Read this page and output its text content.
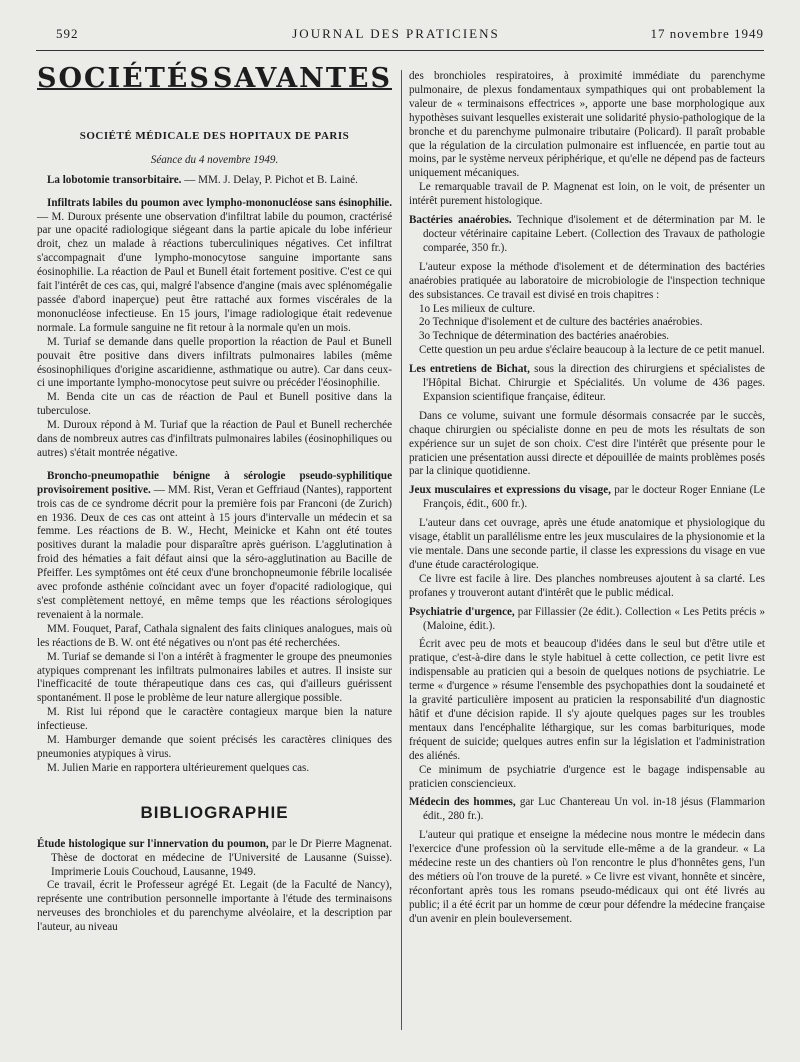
592	JOURNAL DES PRATICIENS	17 novembre 1949
SOCIÉTÉS SAVANTES
SOCIÉTÉ MÉDICALE DES HOPITAUX DE PARIS
Séance du 4 novembre 1949.

La lobotomie transorbitaire. — MM. J. Delay, P. Pichot et B. Lainé.

Infiltrats labiles du poumon avec lympho-mononucléose sans ésinophilie. — M. Duroux présente une observation d'infiltrat labile du poumon, cractérisé par une opacité radiologique siégeant dans la partie apicale du lobe inférieur droit, chez un malade à réactions tuberculiniques négatives. Cet infiltrat s'accompagnait d'une lympho-monocytose sanguine importante sans éosinophilie. La réaction de Paul et Bunell était fortement positive. C'est ce qui fait l'intérêt de ces cas, qui, malgré l'absence d'angine (mais avec splénomégalie passée d'abord inaperçue) peut être rattaché aux formes viscérales de la mononucléose infectieuse. En 15 jours, l'image radiologique était redevenue normale. La formule sanguine ne fit retour à la normale qu'en un mois.

M. Turiaf se demande dans quelle proportion la réaction de Paul et Bunell pouvait être positive dans divers infiltrats pulmonaires labiles (même ésosinophiliques d'origine ascaridienne, asthmatique ou autre). Car dans ceux-ci une importante lympho-monocytose peut suivre ou précéder l'éosinophilie.

M. Benda cite un cas de réaction de Paul et Bunell positive dans la tuberculose.

M. Duroux répond à M. Turiaf que la réaction de Paul et Bunell recherchée dans de nombreux autres cas d'infiltrats pulmonaires labiles (éosinophiliques ou autres) s'était montrée négative.

Broncho-pneumopathie bénigne à sérologie pseudo-syphilitique provisoirement positive. — MM. Rist, Veran et Geffriaud (Nantes), rapportent trois cas de ce syndrome décrit pour la première fois par Franconi (de Zurich) en 1936. Deux de ces cas ont atteint à 15 jours d'intervalle un médecin et sa femme. Les réactions de B. W., Hecht, Meinicke et Kahn ont été toutes positives durant la maladie pour disparaître après guérison. L'agglutination à froid des hématies a fait défaut ainsi que la séro-agglutination au Bacille de Pfeiffer. Les symptômes ont été ceux d'une bronchopneumonie fébrile localisée avec profonde asthénie coïncidant avec un foyer d'opacité radiologique, qui s'est complètement nettoyé, en même temps que les réactions sérologiques revenaient à la normale.

MM. Fouquet, Paraf, Cathala signalent des faits cliniques analogues, mais où les réactions de B. W. ont été négatives ou n'ont pas été recherchées.

M. Turiaf se demande si l'on a intérêt à fragmenter le groupe des pneumonies atypiques comprenant les infiltrats pulmonaires labiles et autres. Il insiste sur l'inefficacité de toute thérapeutique dans ces cas, qui d'ailleurs guérissent spontanément. Il pose le problème de leur nature allergique possible.

M. Rist lui répond que le caractère contagieux marque bien la nature infectieuse.

M. Hamburger demande que soient précisés les caractères cliniques des pneumonies atypiques à virus.

M. Julien Marie en rapportera ultérieurement quelques cas.

BIBLIOGRAPHIE

Étude histologique sur l'innervation du poumon, par le Dr Pierre Magnenat. Thèse de doctorat en médecine de l'Université de Lausanne (Suisse). Imprimerie Louis Couchoud, Lausanne, 1949.

Ce travail, écrit le Professeur agrégé Et. Legait (de la Faculté de Nancy), représente une contribution personnelle importante à l'étude des terminaisons nerveuses des bronchioles et du parenchyme alvéolaire, et la description par l'auteur, au niveau

des bronchioles respiratoires, à proximité immédiate du parenchyme pulmonaire, de plexus fondamentaux sympathiques qui ont probablement la valeur de « terminaisons effectrices », apporte une base morphologique aux hypothèses suivant lesquelles existerait une solidarité physio-pathologique de la bronche et du parenchyme pulmonaire tributaire (Policard). Il paraît probable que la régulation de la circulation pulmonaire est influencée, en partie tout au moins, par le système nerveux périphérique, et qu'elle ne dépend pas de facteurs uniquement mécaniques.

Le remarquable travail de P. Magnenat est loin, on le voit, de présenter un intérêt purement histologique.

Bactéries anaérobies. Technique d'isolement et de détermination par M. le docteur vétérinaire capitaine Lebert. (Collection des Travaux de pathologie comparée, 350 fr.).

L'auteur expose la méthode d'isolement et de détermination des bactéries anaérobies pratiquée au laboratoire de microbiologie de l'inspection technique des subsistances. Ce travail est divisé en trois chapitres :

1o Les milieux de culture.

2o Technique d'isolement et de culture des bactéries anaérobies.

3o Technique de détermination des bactéries anaérobies.

Cette question un peu ardue s'éclaire beaucoup à la lecture de ce petit manuel.

Les entretiens de Bichat, sous la direction des chirurgiens et spécialistes de l'Hôpital Bichat. Chirurgie et Spécialités. Un volume de 436 pages. Expansion scientifique française, éditeur.

Dans ce volume, suivant une formule désormais consacrée par le succès, chaque chirurgien ou spécialiste donne en peu de mots les résultats de son expérience sur un sujet de son choix. C'est dire l'intérêt que présente pour le praticien une présentation aussi directe et dépouillée de maints problèmes posés par la clinique quotidienne.

Jeux musculaires et expressions du visage, par le docteur Roger Enniane (Le François, édit., 600 fr.).

L'auteur dans cet ouvrage, après une étude anatomique et physiologique du visage, établit un parallélisme entre les jeux musculaires de la physionomie et la vie mentale. Dans une seconde partie, il classe les expressions du visage en vue d'une étude caractérologique.

Ce livre est facile à lire. Des planches nombreuses ajoutent à sa clarté. Les profanes y trouveront autant d'intérêt que le public médical.

Psychiatrie d'urgence, par Fillassier (2e édit.). Collection « Les Petits précis » (Maloine, édit.).

Écrit avec peu de mots et beaucoup d'idées dans le seul but d'être utile et pratique, c'est-à-dire dans le style habituel à cette collection, ce petit livre est indispensable au praticien qui a besoin de quelques notions de psychiatrie. Le terme « d'urgence » résume l'ensemble des psychopathies dont la soudaineté et la gravité particulière imposent au praticien la responsabilité d'un diagnostic hâtif et d'une décision rapide. Il s'y ajoute quelques pages sur les troubles mentaux dans l'encéphalite léthargique, sur les comas barbituriques, mode fréquent de suicide; quelques autres enfin sur la législation et l'administration des aliénés.

Ce minimum de psychiatrie d'urgence est le bagage indispensable au praticien consciencieux.

Médecin des hommes, gar Luc Chantereau Un vol. in-18 jésus (Flammarion édit., 280 fr.).

L'auteur qui pratique et enseigne la médecine nous montre le médecin dans l'exercice d'une profession où la servitude elle-même a de la grandeur. « La médecine reste un des chantiers où l'on rencontre le plus d'honnêtes gens, l'un des métiers où l'on trouve de la pureté. » Ce livre est vivant, honnête et sincère, réconfortant après tous les romans pseudo-médicaux qui ont été livrés au public; il a été écrit par un homme de cœur pour défendre la médecine française d'un avenir en plein bouleversement.
